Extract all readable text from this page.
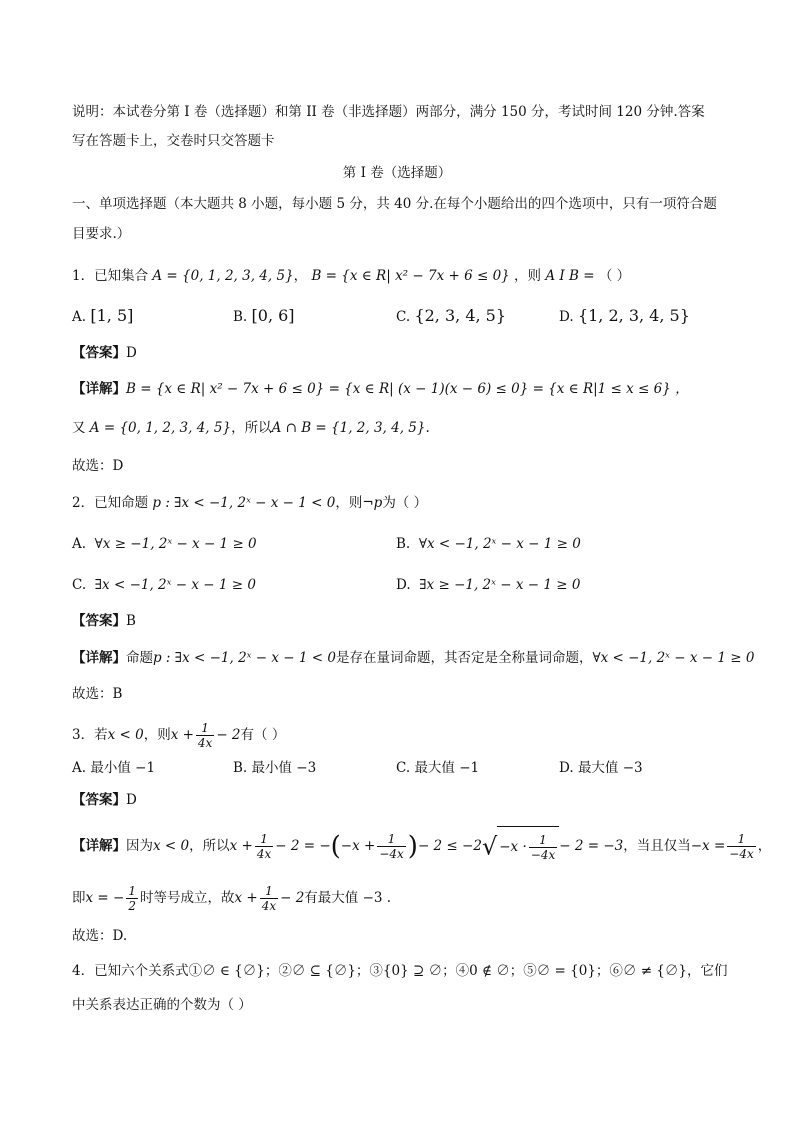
说明：本试卷分第 I 卷（选择题）和第 II 卷（非选择题）两部分，满分 150 分，考试时间 120 分钟.答案
写在答题卡上，交卷时只交答题卡
第 I 卷（选择题）
一、单项选择题（本大题共 8 小题，每小题 5 分，共 40 分.在每个小题给出的四个选项中，只有一项符合题
目要求.）
1．已知集合 A = {0, 1, 2, 3, 4, 5}， B = {x ∈ R| x² − 7x + 6 ≤ 0} ，则 A I B = （ ）
A. [1, 5]	B. [0, 6]	C. {2, 3, 4, 5}	D. {1, 2, 3, 4, 5}
【答案】D
【详解】B = {x ∈ R| x² − 7x + 6 ≤ 0} = {x ∈ R| (x − 1)(x − 6) ≤ 0} = {x ∈ R|1 ≤ x ≤ 6} ，
又 A = {0, 1, 2, 3, 4, 5}，所以A ∩ B = {1, 2, 3, 4, 5}.
故选：D
2．已知命题 p : ∃x < −1, 2ˣ − x − 1 < 0，则¬p为（ ）
A. ∀x ≥ −1, 2ˣ − x − 1 ≥ 0	B. ∀x < −1, 2ˣ − x − 1 ≥ 0
C. ∃x < −1, 2ˣ − x − 1 ≥ 0	D. ∃x ≥ −1, 2ˣ − x − 1 ≥ 0
【答案】B
【详解】命题p : ∃x < −1, 2ˣ − x − 1 < 0是存在量词命题，其否定是全称量词命题，∀x < −1, 2ˣ − x − 1 ≥ 0
故选：B
3．若x < 0，则$x + \frac{1}{4x} - 2$有（ ）
A. 最小值 −1	B. 最小值 −3	C. 最大值 −1	D. 最大值 −3
【答案】D
【详解】因为x < 0，所以$x + \frac{1}{4x} - 2 = -(-x + \frac{1}{-4x}$ )− $2 \le -2√ -x \cdot \frac{1}{-4x} - 2 = -3$，当且仅当$-x = \frac{1}{-4x}$ ，
即x = − $\frac{1}{2}$ 时等号成立，故$x + \frac{1}{4x} - 2$有最大值 −3 .
故选：D.
4．已知六个关系式①∅ ∈ {∅}；②∅ ⊆ {∅}；③{0} ⊇ ∅；④0 ∉ ∅；⑤∅ = {0}；⑥∅ ≠ {∅}，它们
中关系表达正确的个数为（ ）
